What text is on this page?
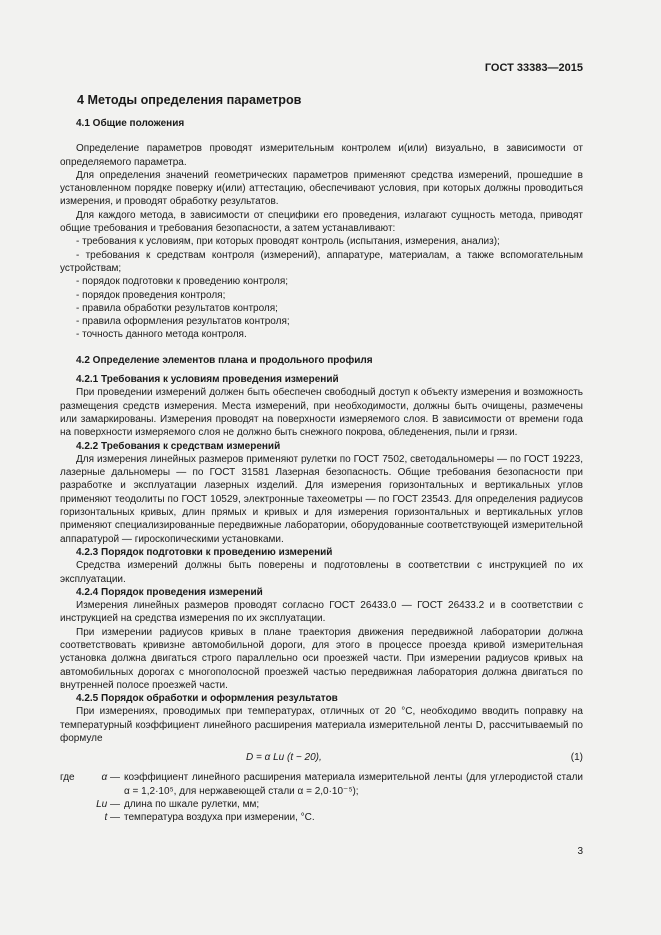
ГОСТ 33383—2015
4 Методы определения параметров
4.1 Общие положения

Определение параметров проводят измерительным контролем и(или) визуально, в зависимости от определяемого параметра.

Для определения значений геометрических параметров применяют средства измерений, прошедшие в установленном порядке поверку и(или) аттестацию, обеспечивают условия, при которых должны проводиться измерения, и проводят обработку результатов.

Для каждого метода, в зависимости от специфики его проведения, излагают сущность метода, приводят общие требования и требования безопасности, а затем устанавливают:

- требования к условиям, при которых проводят контроль (испытания, измерения, анализ);

- требования к средствам контроля (измерений), аппаратуре, материалам, а также вспомогательным устройствам;

- порядок подготовки к проведению контроля;

- порядок проведения контроля;

- правила обработки результатов контроля;

- правила оформления результатов контроля;

- точность данного метода контроля.

4.2 Определение элементов плана и продольного профиля
4.2.1 Требования к условиям проведения измерений

При проведении измерений должен быть обеспечен свободный доступ к объекту измерения и возможность размещения средств измерения. Места измерений, при необходимости, должны быть очищены, размечены или замаркированы. Измерения проводят на поверхности измеряемого слоя. В зависимости от времени года на поверхности измеряемого слоя не должно быть снежного покрова, обледенения, пыли и грязи.

4.2.2 Требования к средствам измерений

Для измерения линейных размеров применяют рулетки по ГОСТ 7502, светодальномеры — по ГОСТ 19223, лазерные дальномеры — по ГОСТ 31581 Лазерная безопасность. Общие требования безопасности при разработке и эксплуатации лазерных изделий. Для измерения горизонтальных и вертикальных углов применяют теодолиты по ГОСТ 10529, электронные тахеометры — по ГОСТ 23543. Для определения радиусов горизонтальных кривых, длин прямых и кривых и для измерения горизонтальных и вертикальных углов применяют специализированные передвижные лаборатории, оборудованные соответствующей измерительной аппаратурой — гироскопическими установками.

4.2.3 Порядок подготовки к проведению измерений

Средства измерений должны быть поверены и подготовлены в соответствии с инструкцией по их эксплуатации.

4.2.4 Порядок проведения измерений

Измерения линейных размеров проводят согласно ГОСТ 26433.0 — ГОСТ 26433.2 и в соответствии с инструкцией на средства измерения по их эксплуатации.

При измерении радиусов кривых в плане траектория движения передвижной лаборатории должна соответствовать кривизне автомобильной дороги, для этого в процессе проезда кривой измерительная установка должна двигаться строго параллельно оси проезжей части. При измерении радиусов кривых на автомобильных дорогах с многополосной проезжей частью передвижная лаборатория должна двигаться по внутренней полосе проезжей части.

4.2.5 Порядок обработки и оформления результатов

При измерениях, проводимых при температурах, отличных от 20 °С, необходимо вводить поправку на температурный коэффициент линейного расширения материала измерительной ленты D, рассчитываемый по формуле

D = α Lu (t − 20),	(1)

где	α — коэффициент линейного расширения материала измерительной ленты (для углеродистой стали α = 1,2·10⁵, для нержавеющей стали α = 2,0·10⁻⁵);

Lu — длина по шкале рулетки, мм;

t — температура воздуха при измерении, °С.

3
